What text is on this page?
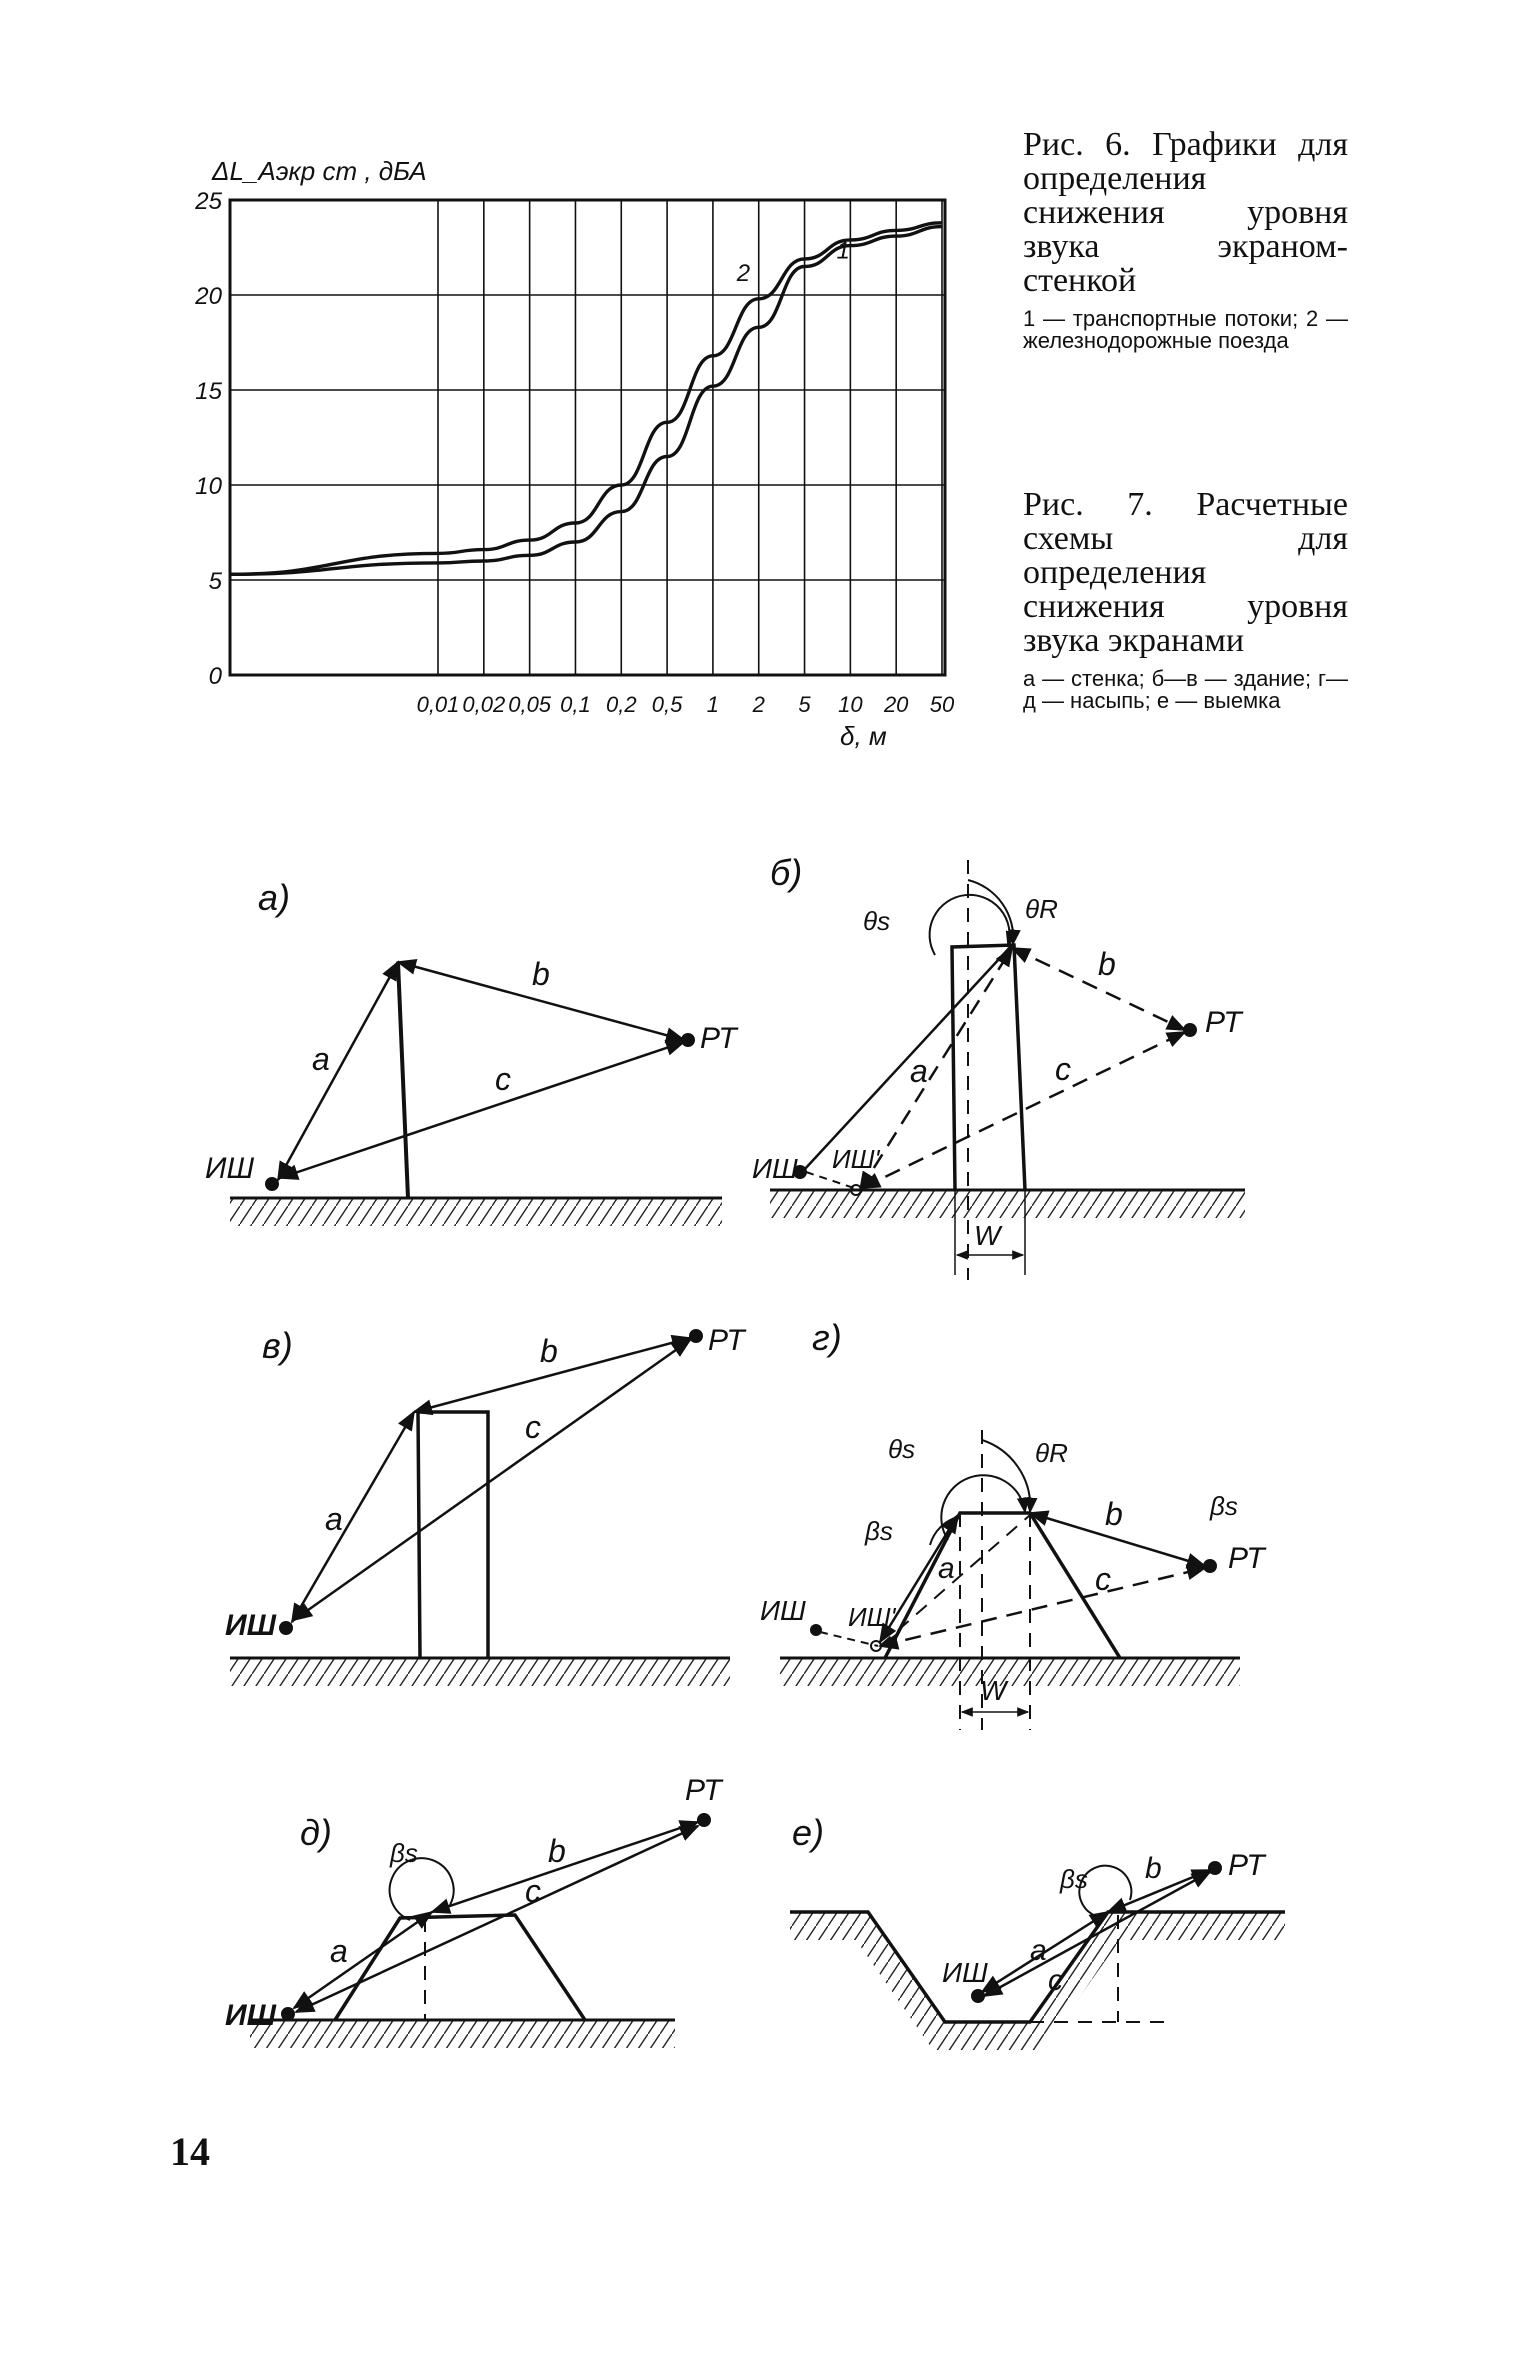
0
5
10
15
20
25
0,01 0,02 0,05 0,1 0,2 0,5 1 2 5 10 20 50
1
2
ΔL_Aэкр ст , дБА
δ, м
а)
ИШ
РТ
a
b
c
б)
W
ИШ ИШ'
РТ
a
b
c
θs	θR
в)
ИШ
РТ
a
b
c
г)
W
ИШ ИШ'
РТ
a
b
c
θs	θR
βs
βs
д)
ИШ
РТ
a
b
c
βs	е)
ИШ
РТ
a
b
c
βs
Рис. 6. Графики для определения снижения уровня звука экраном-стенкой
1 — транспортные потоки; 2 — железнодорожные поезда
Рис. 7. Расчетные схемы для определения снижения уровня звука экранами
а — стенка; б—в — здание; г—д — насыпь; е — выемка
14
